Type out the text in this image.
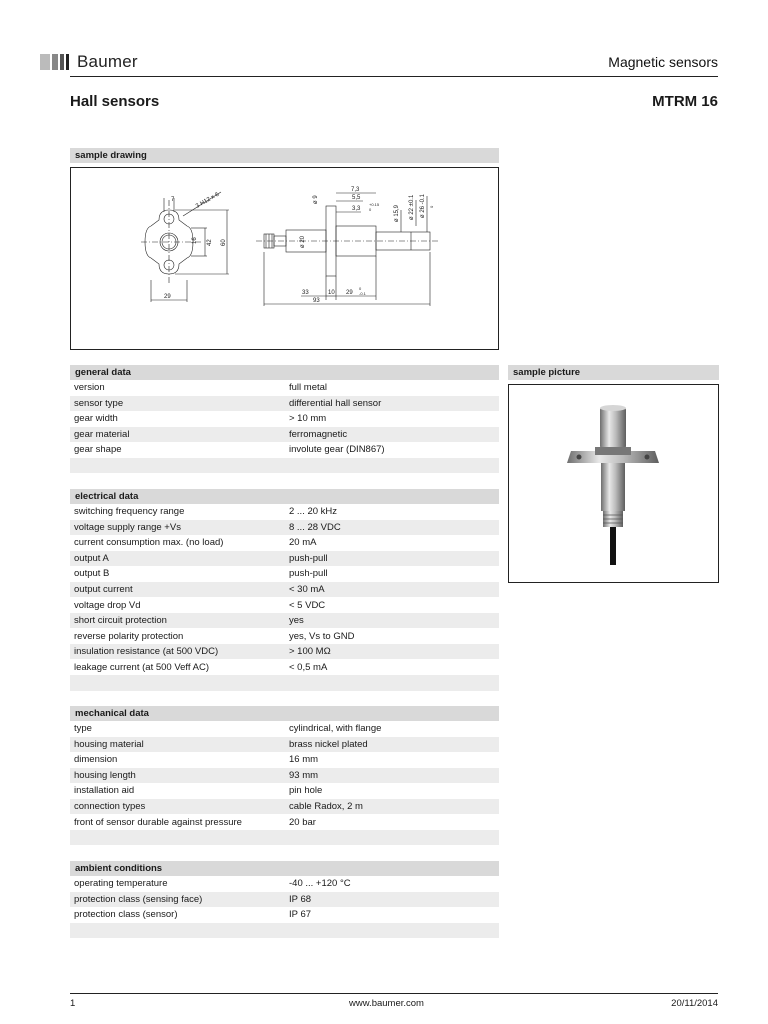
Baumer	Magnetic sensors
Hall sensors	MTRM 16
sample drawing
7	3 H12 x 6
16 42 60
29
ø 9
7,3
5,5
3,3
+0.15
0	ø 15,9 ø 22 ±0.1 ø 26 -0.1 0
ø 20
33	10 29
0
-0.1
93
sample picture
general data
version	full metal
sensor type	differential hall sensor
gear width	> 10 mm
gear material	ferromagnetic
gear shape	involute gear (DIN867)

electrical data
switching frequency range	2 ... 20 kHz
voltage supply range +Vs	8 ... 28 VDC
current consumption max. (no load)	20 mA
output A	push-pull
output B	push-pull
output current	< 30 mA
voltage drop Vd	< 5 VDC
short circuit protection	yes
reverse polarity protection	yes, Vs to GND
insulation resistance (at 500 VDC)	> 100 MΩ
leakage current (at 500 Veff AC)	< 0,5 mA

mechanical data
type	cylindrical, with flange
housing material	brass nickel plated
dimension	16 mm
housing length	93 mm
installation aid	pin hole
connection types	cable Radox, 2 m
front of sensor durable against pressure	20 bar

ambient conditions
operating temperature	-40 ... +120 °C
protection class (sensing face)	IP 68
protection class (sensor)	IP 67

1	www.baumer.com	20/11/2014
